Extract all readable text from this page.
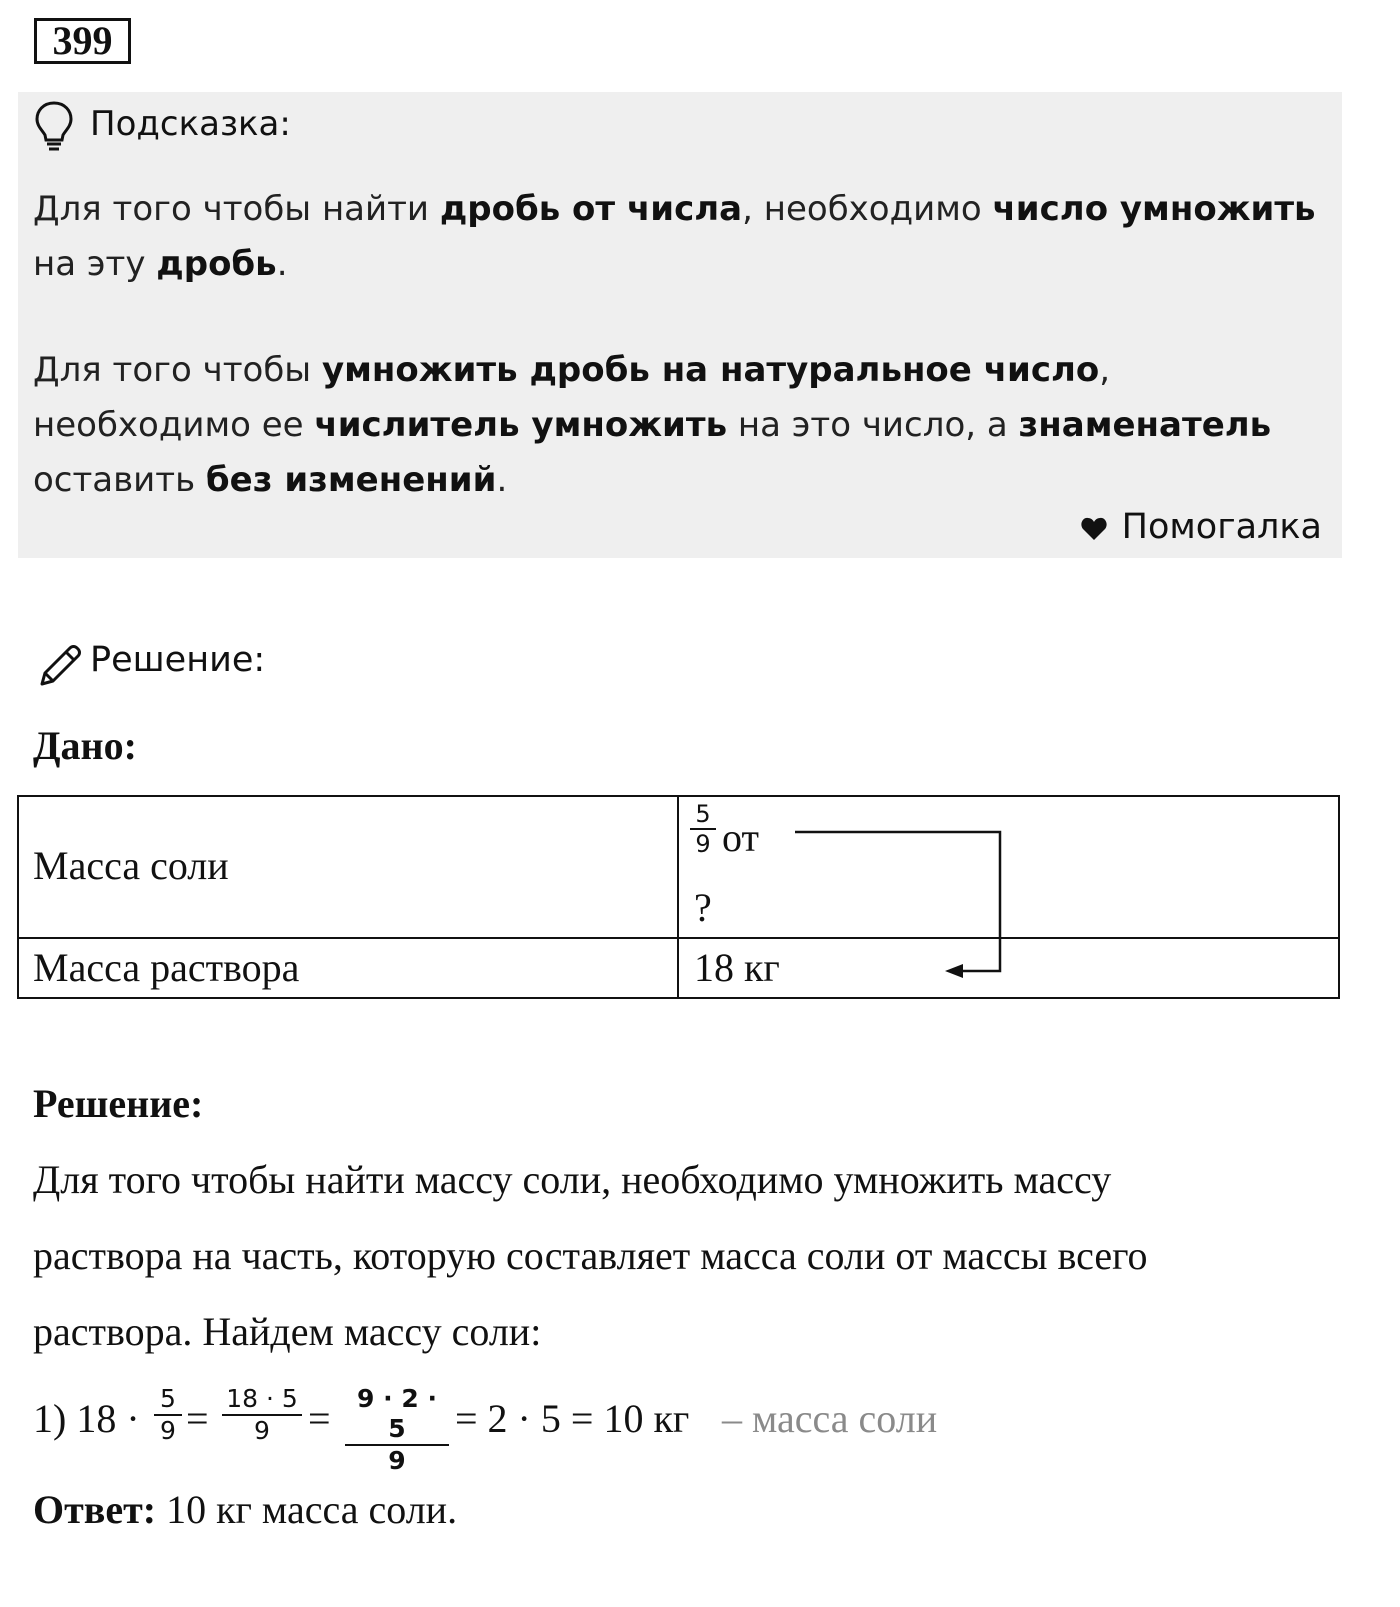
399
Подсказка:
Для того чтобы найти дробь от числа, необходимо число умножить на эту дробь.
Для того чтобы умножить дробь на натуральное число, необходимо ее числитель умножить на это число, а знаменатель оставить без изменений.
Помогалка
Решение:
Дано:
Масса соли
5
9 от
?
Масса раствора	18 кг
Решение:
Для того чтобы найти массу соли, необходимо умножить массу
раствора на часть, которую составляет масса соли от массы всего
раствора. Найдем массу соли:
1) 18 · 5
9 = 18 · 5
9 =	9 · 2 · 5
9
= 2 · 5 = 10 кг – масса соли
Ответ: 10 кг масса соли.
